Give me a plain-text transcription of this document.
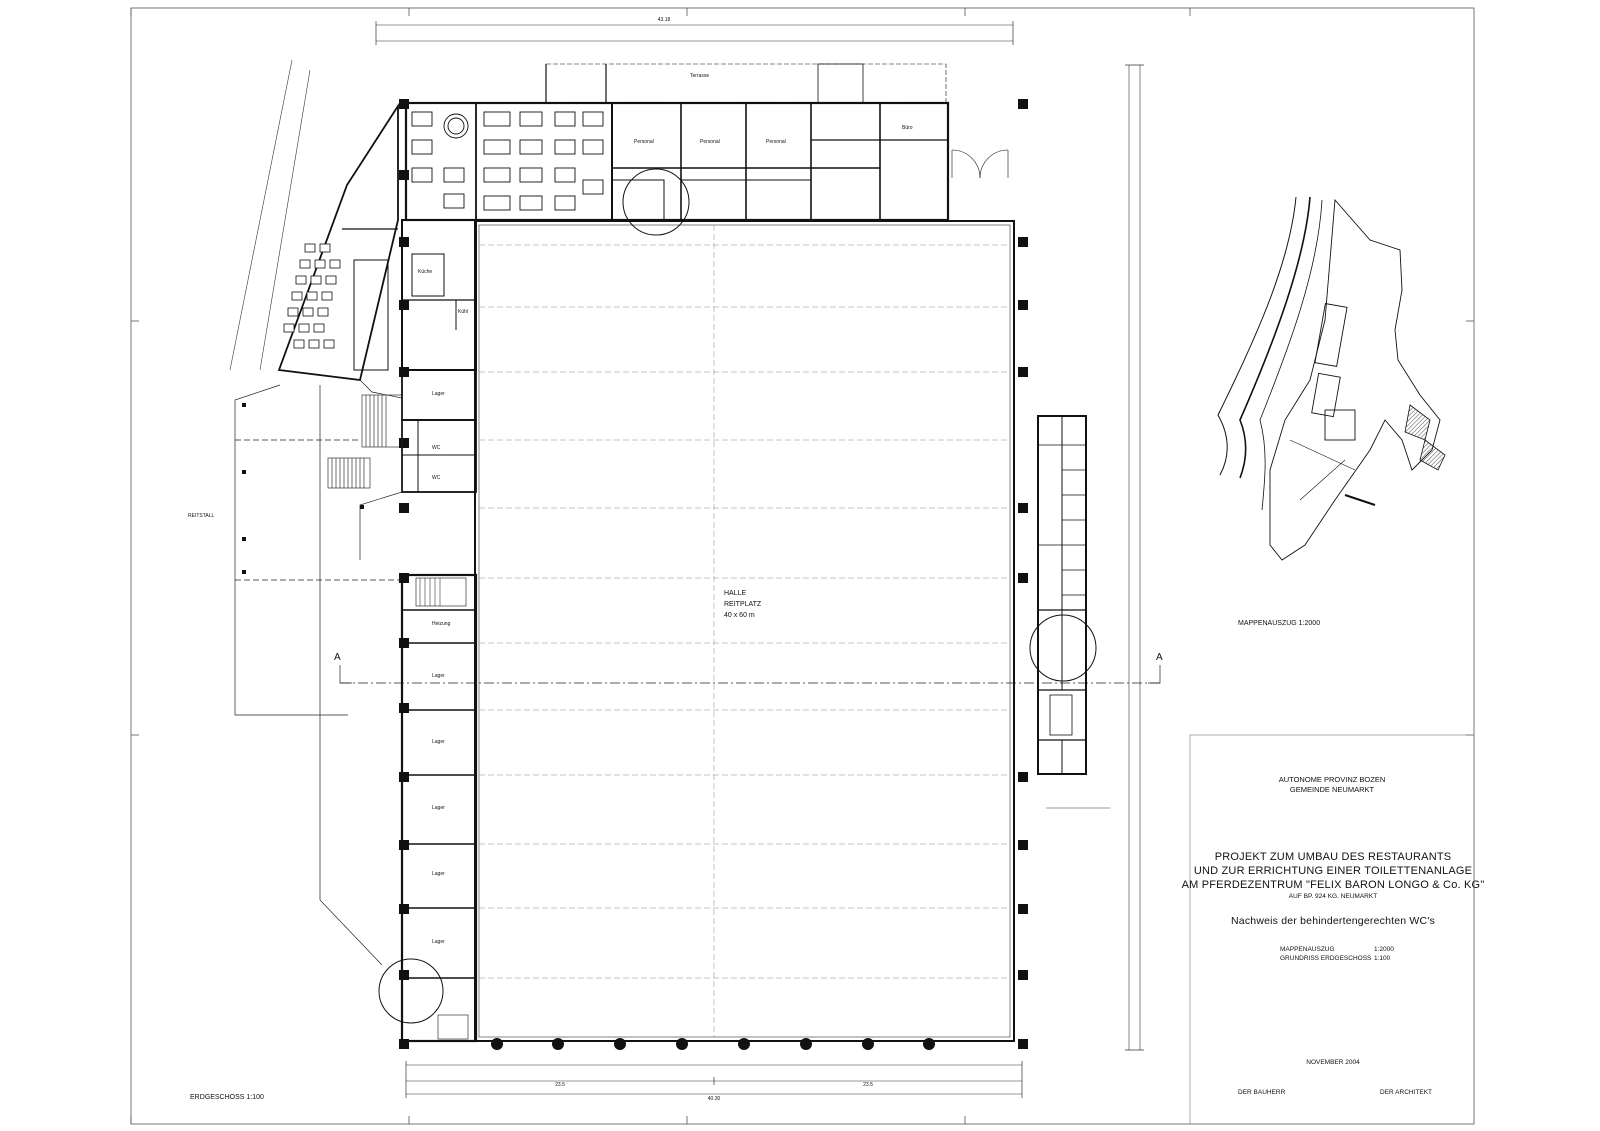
HALLE
REITPLATZ
40 x 60 m
A	A
REITSTALL
ERDGESCHOSS 1:100
43.18
40.30
23.5	23.5
Lager
Lager
Lager
Lager
Lager
Lager
Heizung
Küche
Kühl
Personal	Personal	Personal
Büro
Terrasse
WC
WC
MAPPENAUSZUG 1:2000
AUTONOME PROVINZ BOZEN
GEMEINDE NEUMARKT
PROJEKT ZUM UMBAU DES RESTAURANTS
UND ZUR ERRICHTUNG EINER TOILETTENANLAGE
AM PFERDEZENTRUM "FELIX BARON LONGO & Co. KG"
AUF BP. 924 KG. NEUMARKT
Nachweis der behindertengerechten WC's
MAPPENAUSZUG	1:2000
GRUNDRISS ERDGESCHOSS 1:100
NOVEMBER 2004
DER BAUHERR	DER ARCHITEKT
